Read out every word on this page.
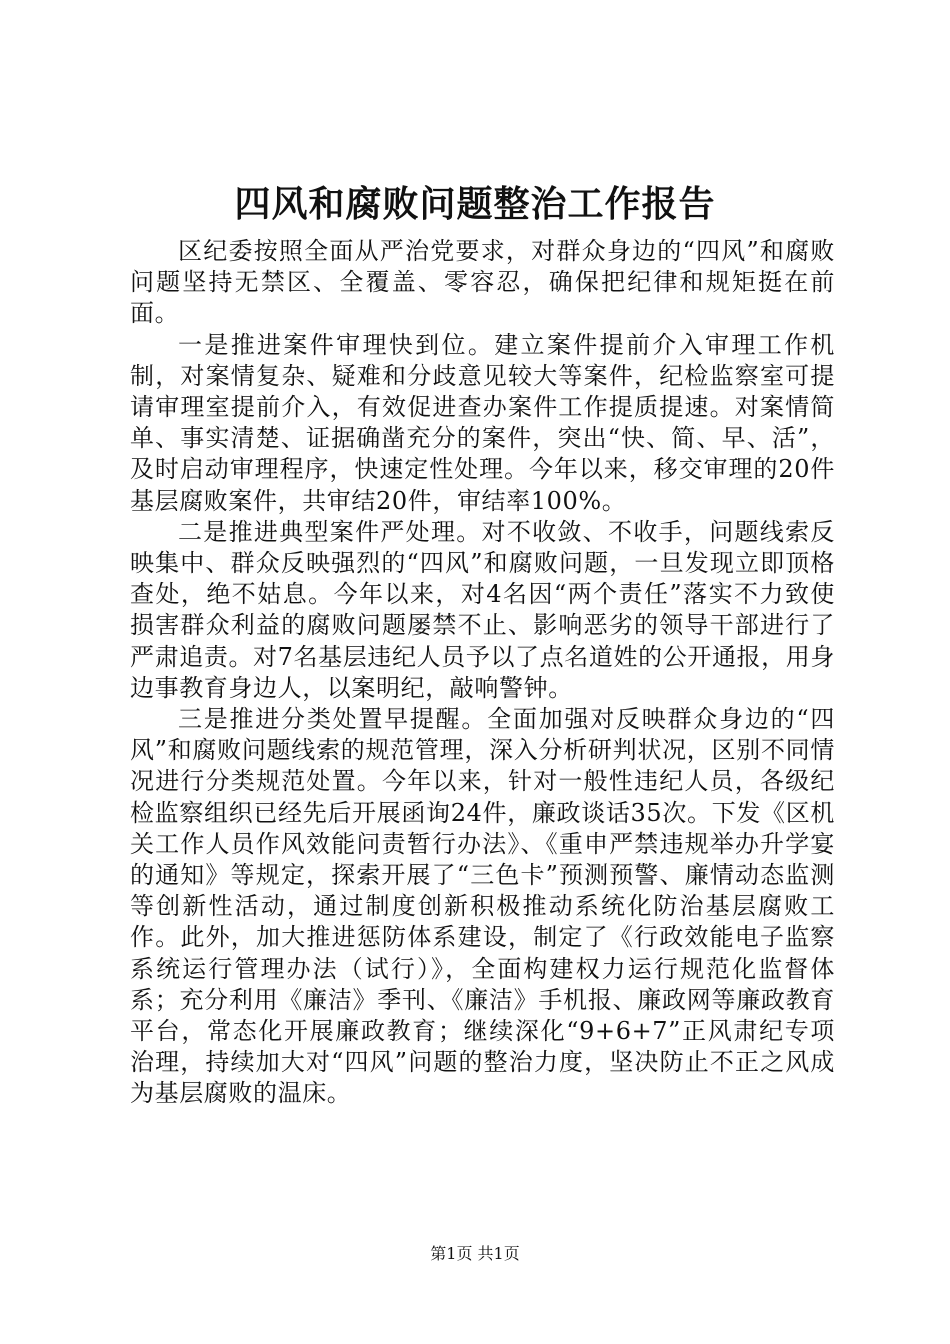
四风和腐败问题整治工作报告

区纪委按照全面从严治党要求，对群众身边的“四风”和腐败问题坚持无禁区、全覆盖、零容忍，确保把纪律和规矩挺在前面。

一是推进案件审理快到位。建立案件提前介入审理工作机制，对案情复杂、疑难和分歧意见较大等案件，纪检监察室可提请审理室提前介入，有效促进查办案件工作提质提速。对案情简单、事实清楚、证据确凿充分的案件，突出“快、简、早、活”，及时启动审理程序，快速定性处理。今年以来，移交审理的20件基层腐败案件，共审结20件，审结率100%。

二是推进典型案件严处理。对不收敛、不收手，问题线索反映集中、群众反映强烈的“四风”和腐败问题，一旦发现立即顶格查处，绝不姑息。今年以来，对4名因“两个责任”落实不力致使损害群众利益的腐败问题屡禁不止、影响恶劣的领导干部进行了严肃追责。对7名基层违纪人员予以了点名道姓的公开通报，用身边事教育身边人，以案明纪，敲响警钟。

三是推进分类处置早提醒。全面加强对反映群众身边的“四风”和腐败问题线索的规范管理，深入分析研判状况，区别不同情况进行分类规范处置。今年以来，针对一般性违纪人员，各级纪检监察组织已经先后开展函询24件，廉政谈话35次。下发《区机关工作人员作风效能问责暂行办法》、《重申严禁违规举办升学宴的通知》等规定，探索开展了“三色卡”预测预警、廉情动态监测等创新性活动，通过制度创新积极推动系统化防治基层腐败工作。此外，加大推进惩防体系建设，制定了《行政效能电子监察系统运行管理办法（试行）》，全面构建权力运行规范化监督体系；充分利用《廉洁》季刊、《廉洁》手机报、廉政网等廉政教育平台，常态化开展廉政教育；继续深化“9+6+7”正风肃纪专项治理，持续加大对“四风”问题的整治力度，坚决防止不正之风成为基层腐败的温床。

第1页 共1页
